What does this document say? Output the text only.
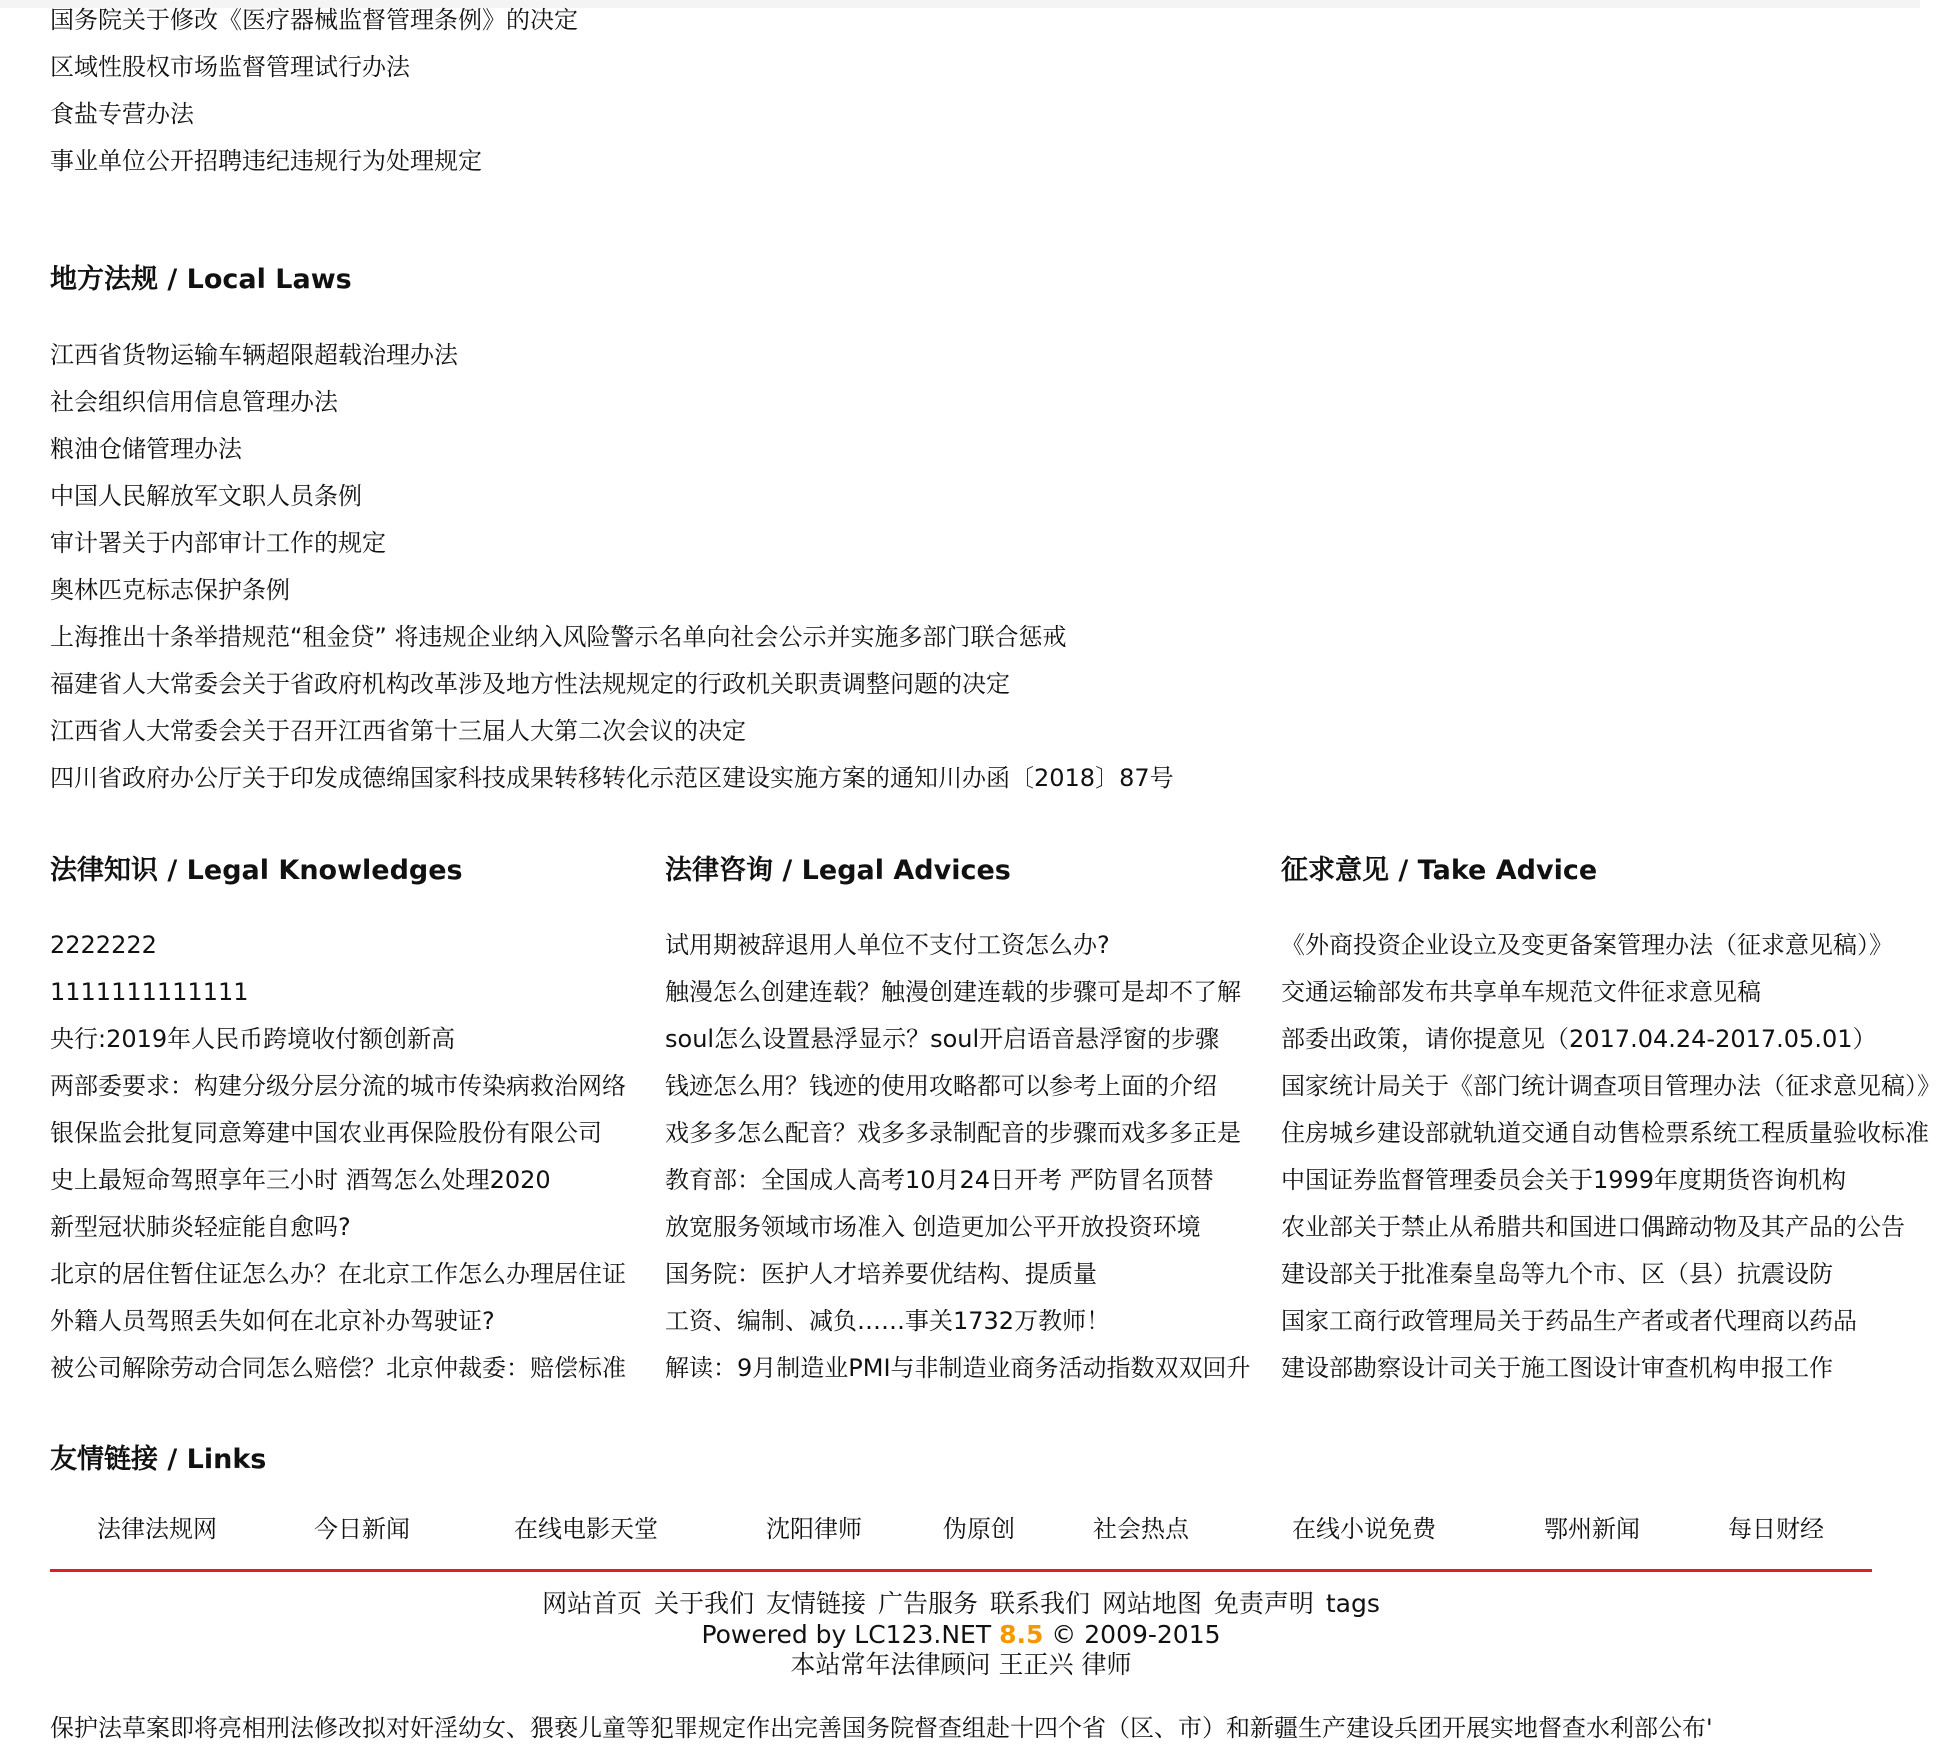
国务院关于修改《医疗器械监督管理条例》的决定
区域性股权市场监督管理试行办法
食盐专营办法
事业单位公开招聘违纪违规行为处理规定
地方法规 / Local Laws
江西省货物运输车辆超限超载治理办法
社会组织信用信息管理办法
粮油仓储管理办法
中国人民解放军文职人员条例
审计署关于内部审计工作的规定
奥林匹克标志保护条例
上海推出十条举措规范“租金贷” 将违规企业纳入风险警示名单向社会公示并实施多部门联合惩戒
福建省人大常委会关于省政府机构改革涉及地方性法规规定的行政机关职责调整问题的决定
江西省人大常委会关于召开江西省第十三届人大第二次会议的决定
四川省政府办公厅关于印发成德绵国家科技成果转移转化示范区建设实施方案的通知川办函〔2018〕87号
法律知识 / Legal Knowledges
2222222
1111111111111
央行:2019年人民币跨境收付额创新高
两部委要求：构建分级分层分流的城市传染病救治网络
银保监会批复同意筹建中国农业再保险股份有限公司
史上最短命驾照享年三小时 酒驾怎么处理2020
新型冠状肺炎轻症能自愈吗?
北京的居住暂住证怎么办？在北京工作怎么办理居住证
外籍人员驾照丢失如何在北京补办驾驶证?
被公司解除劳动合同怎么赔偿？北京仲裁委：赔偿标准
法律咨询 / Legal Advices
试用期被辞退用人单位不支付工资怎么办?
触漫怎么创建连载？触漫创建连载的步骤可是却不了解
soul怎么设置悬浮显示？soul开启语音悬浮窗的步骤
钱迹怎么用？钱迹的使用攻略都可以参考上面的介绍
戏多多怎么配音？戏多多录制配音的步骤而戏多多正是
教育部：全国成人高考10月24日开考 严防冒名顶替
放宽服务领域市场准入 创造更加公平开放投资环境
国务院：医护人才培养要优结构、提质量
工资、编制、减负……事关1732万教师！
解读：9月制造业PMI与非制造业商务活动指数双双回升
征求意见 / Take Advice
《外商投资企业设立及变更备案管理办法（征求意见稿）》
交通运输部发布共享单车规范文件征求意见稿
部委出政策，请你提意见（2017.04.24-2017.05.01）
国家统计局关于《部门统计调查项目管理办法（征求意见稿）》
住房城乡建设部就轨道交通自动售检票系统工程质量验收标准
中国证券监督管理委员会关于1999年度期货咨询机构
农业部关于禁止从希腊共和国进口偶蹄动物及其产品的公告
建设部关于批准秦皇岛等九个市、区（县）抗震设防
国家工商行政管理局关于药品生产者或者代理商以药品
建设部勘察设计司关于施工图设计审查机构申报工作
友情链接 / Links
法律法规网	今日新闻	在线电影天堂	沈阳律师	伪原创	社会热点	在线小说免费	鄂州新闻	每日财经
网站首页 关于我们 友情链接 广告服务 联系我们 网站地图 免责声明 tags
Powered by LC123.NET 8.5 © 2009-2015
本站常年法律顾问 王正兴 律师
保护法草案即将亮相刑法修改拟对奸淫幼女、猥亵儿童等犯罪规定作出完善国务院督查组赴十四个省（区、市）和新疆生产建设兵团开展实地督查水利部公布'
